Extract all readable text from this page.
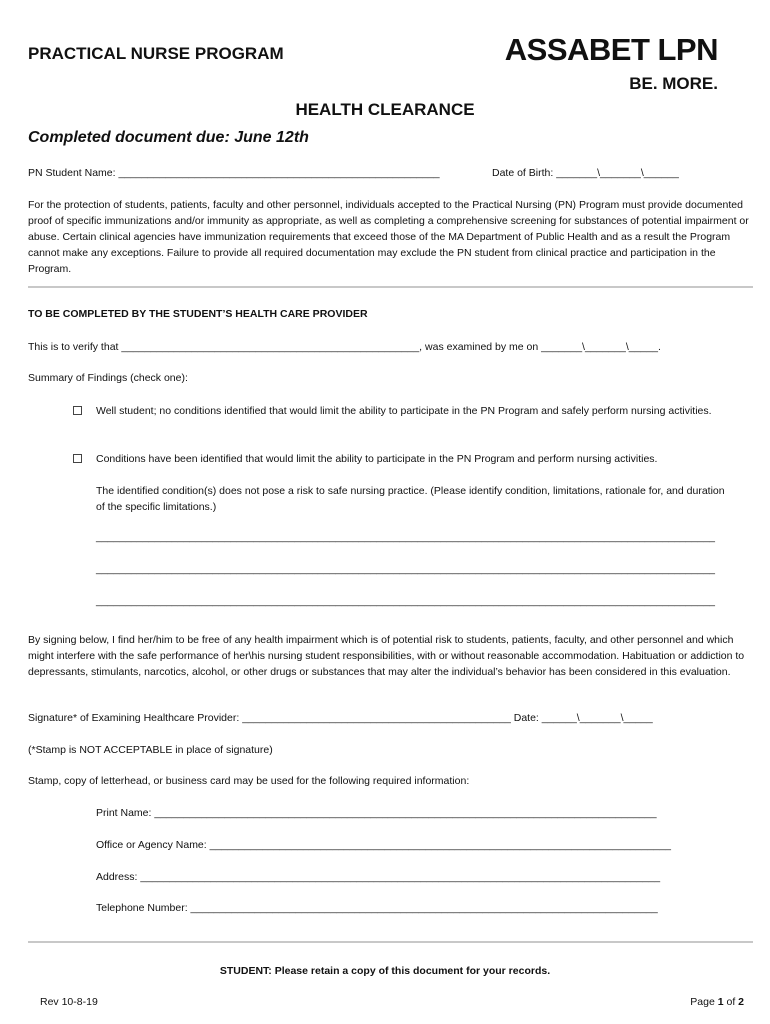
PRACTICAL NURSE PROGRAM	ASSABET LPN
BE. MORE.
HEALTH CLEARANCE
Completed document due: June 12th
PN Student Name: _______________________________________________________	Date of Birth: _______\_______\______
For the protection of students, patients, faculty and other personnel, individuals accepted to the Practical Nursing (PN) Program must provide documented proof of specific immunizations and/or immunity as appropriate, as well as completing a comprehensive screening for substances of potential impairment or abuse. Certain clinical agencies have immunization requirements that exceed those of the MA Department of Public Health and as a result the Program cannot make any exceptions. Failure to provide all required documentation may exclude the PN student from clinical practice and participation in the Program.
TO BE COMPLETED BY THE STUDENT’S HEALTH CARE PROVIDER
This is to verify that ___________________________________________________, was examined by me on _______\_______\_____.
Summary of Findings (check one):
Well student; no conditions identified that would limit the ability to participate in the PN Program and safely perform nursing activities.
Conditions have been identified that would limit the ability to participate in the PN Program and perform nursing activities.
The identified condition(s) does not pose a risk to safe nursing practice. (Please identify condition, limitations, rationale for, and duration of the specific limitations.)
__________________________________________________________________________________________________________
__________________________________________________________________________________________________________
__________________________________________________________________________________________________________
By signing below, I find her/him to be free of any health impairment which is of potential risk to students, patients, faculty, and other personnel and which might interfere with the safe performance of her\his nursing student responsibilities, with or without reasonable accommodation. Habituation or addiction to depressants, stimulants, narcotics, alcohol, or other drugs or substances that may alter the individual’s behavior has been considered in this evaluation.
Signature* of Examining Healthcare Provider: ______________________________________________ Date: ______\_______\_____
(*Stamp is NOT ACCEPTABLE in place of signature)
Stamp, copy of letterhead, or business card may be used for the following required information:
Print Name: ______________________________________________________________________________________
Office or Agency Name: _______________________________________________________________________________
Address: _________________________________________________________________________________________
Telephone Number: ________________________________________________________________________________
STUDENT: Please retain a copy of this document for your records.
Rev 10-8-19	Page 1 of 2
